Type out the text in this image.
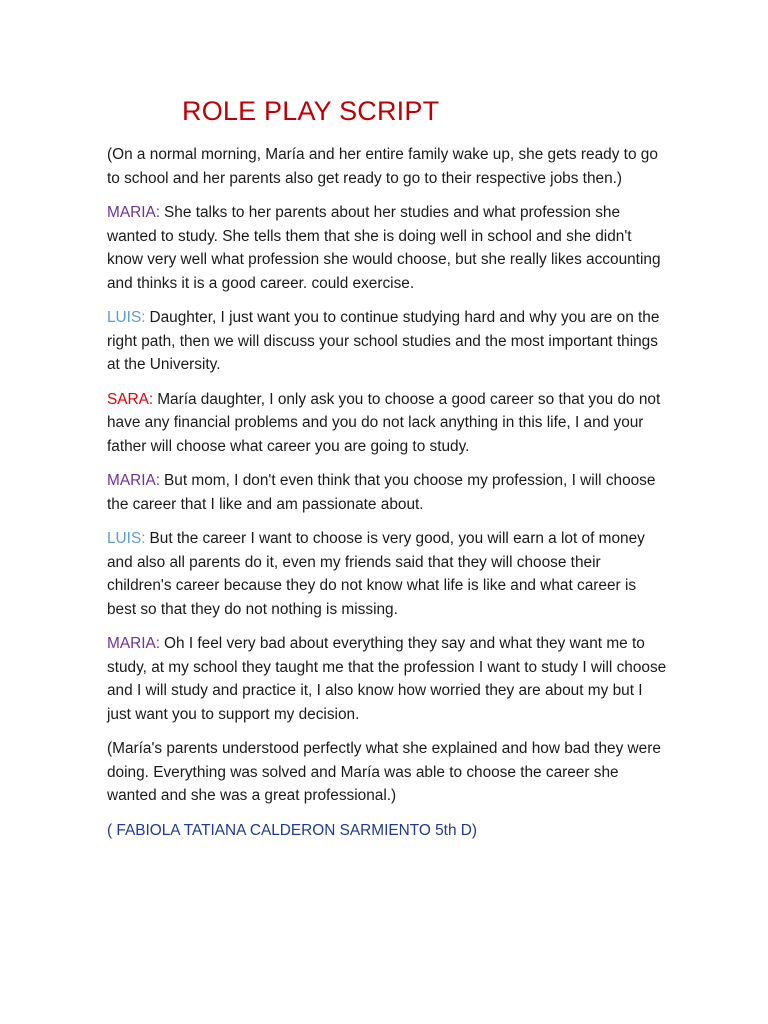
ROLE PLAY SCRIPT

(On a normal morning, María and her entire family wake up, she gets ready to go to school and her parents also get ready to go to their respective jobs then.)

MARIA: She talks to her parents about her studies and what profession she wanted to study. She tells them that she is doing well in school and she didn't know very well what profession she would choose, but she really likes accounting and thinks it is a good career. could exercise.

LUIS: Daughter, I just want you to continue studying hard and why you are on the right path, then we will discuss your school studies and the most important things at the University.

SARA: María daughter, I only ask you to choose a good career so that you do not have any financial problems and you do not lack anything in this life, I and your father will choose what career you are going to study.

MARIA: But mom, I don't even think that you choose my profession, I will choose the career that I like and am passionate about.

LUIS: But the career I want to choose is very good, you will earn a lot of money and also all parents do it, even my friends said that they will choose their children's career because they do not know what life is like and what career is best so that they do not nothing is missing.

MARIA: Oh I feel very bad about everything they say and what they want me to study, at my school they taught me that the profession I want to study I will choose and I will study and practice it, I also know how worried they are about my but I just want you to support my decision.

(María's parents understood perfectly what she explained and how bad they were doing. Everything was solved and María was able to choose the career she wanted and she was a great professional.)

( FABIOLA TATIANA CALDERON SARMIENTO 5th D)
